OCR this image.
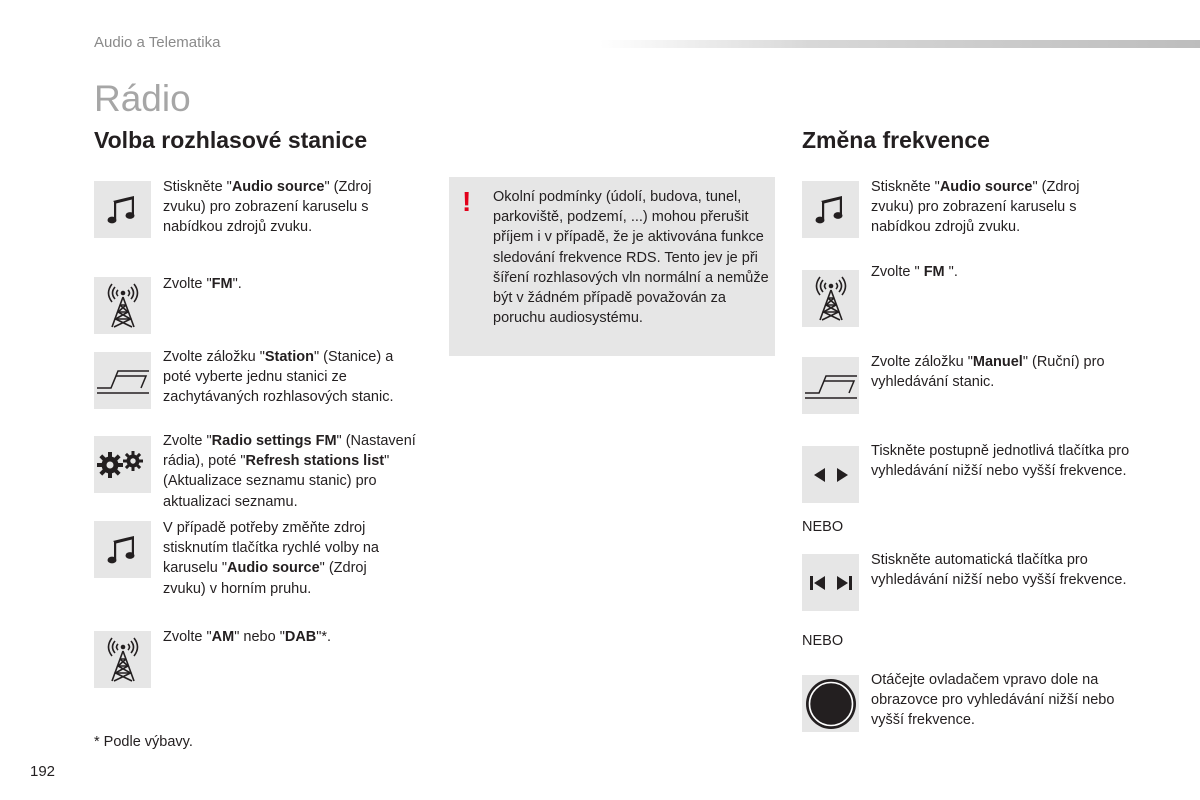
Audio a Telematika
Rádio
Volba rozhlasové stanice
Stiskněte "Audio source" (Zdroj zvuku) pro zobrazení karuselu s nabídkou zdrojů zvuku.
Zvolte "FM".
Zvolte záložku "Station" (Stanice) a poté vyberte jednu stanici ze zachytávaných rozhlasových stanic.
Zvolte "Radio settings FM" (Nastavení rádia), poté "Refresh stations list" (Aktualizace seznamu stanic) pro aktualizaci seznamu.
V případě potřeby změňte zdroj stisknutím tlačítka rychlé volby na karuselu "Audio source" (Zdroj zvuku) v horním pruhu.
Zvolte "AM" nebo "DAB"*.
! Okolní podmínky (údolí, budova, tunel, parkoviště, podzemí, ...) mohou přerušit příjem i v případě, že je aktivována funkce sledování frekvence RDS. Tento jev je při šíření rozhlasových vln normální a nemůže být v žádném případě považován za poruchu audiosystému.
Změna frekvence
Stiskněte "Audio source" (Zdroj zvuku) pro zobrazení karuselu s nabídkou zdrojů zvuku.
Zvolte " FM ".
Zvolte záložku "Manuel" (Ruční) pro vyhledávání stanic.
Tiskněte postupně jednotlivá tlačítka pro vyhledávání nižší nebo vyšší frekvence.
NEBO
Stiskněte automatická tlačítka pro vyhledávání nižší nebo vyšší frekvence.
NEBO
Otáčejte ovladačem vpravo dole na obrazovce pro vyhledávání nižší nebo vyšší frekvence.
* Podle výbavy.
192
